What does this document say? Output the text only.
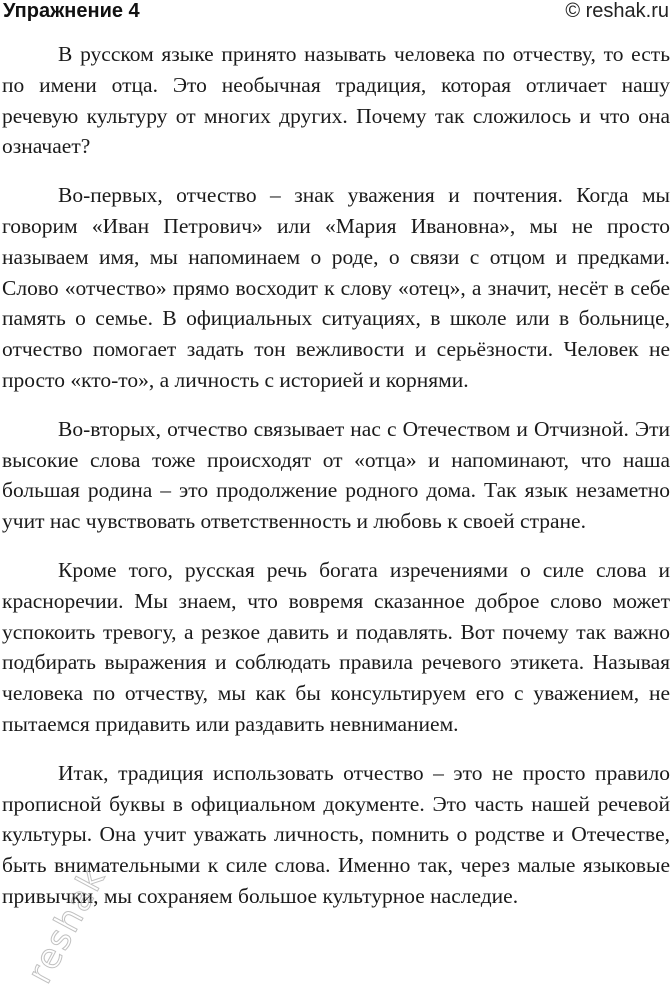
Упражнение 4	© reshak.ru

В русском языке принято называть человека по отчеству, то есть по имени отца. Это необычная традиция, которая отличает нашу речевую культуру от многих других. Почему так сложилось и что она означает?

Во-первых, отчество – знак уважения и почтения. Когда мы говорим «Иван Петрович» или «Мария Ивановна», мы не просто называем имя, мы напоминаем о роде, о связи с отцом и предками. Слово «отчество» прямо восходит к слову «отец», а значит, несёт в себе память о семье. В официальных ситуациях, в школе или в больнице, отчество помогает задать тон вежливости и серьёзности. Человек не просто «кто-то», а личность с историей и корнями.

Во-вторых, отчество связывает нас с Отечеством и Отчизной. Эти высокие слова тоже происходят от «отца» и напоминают, что наша большая родина – это продолжение родного дома. Так язык незаметно учит нас чувствовать ответственность и любовь к своей стране.

Кроме того, русская речь богата изречениями о силе слова и красноречии. Мы знаем, что вовремя сказанное доброе слово может успокоить тревогу, а резкое давить и подавлять. Вот почему так важно подбирать выражения и соблюдать правила речевого этикета. Называя человека по отчеству, мы как бы консультируем его с уважением, не пытаемся придавить или раздавить невниманием.

Итак, традиция использовать отчество – это не просто правило прописной буквы в официальном документе. Это часть нашей речевой культуры. Она учит уважать личность, помнить о родстве и Отечестве, быть внимательными к силе слова. Именно так, через малые языковые привычки, мы сохраняем большое культурное наследие.

reshak
